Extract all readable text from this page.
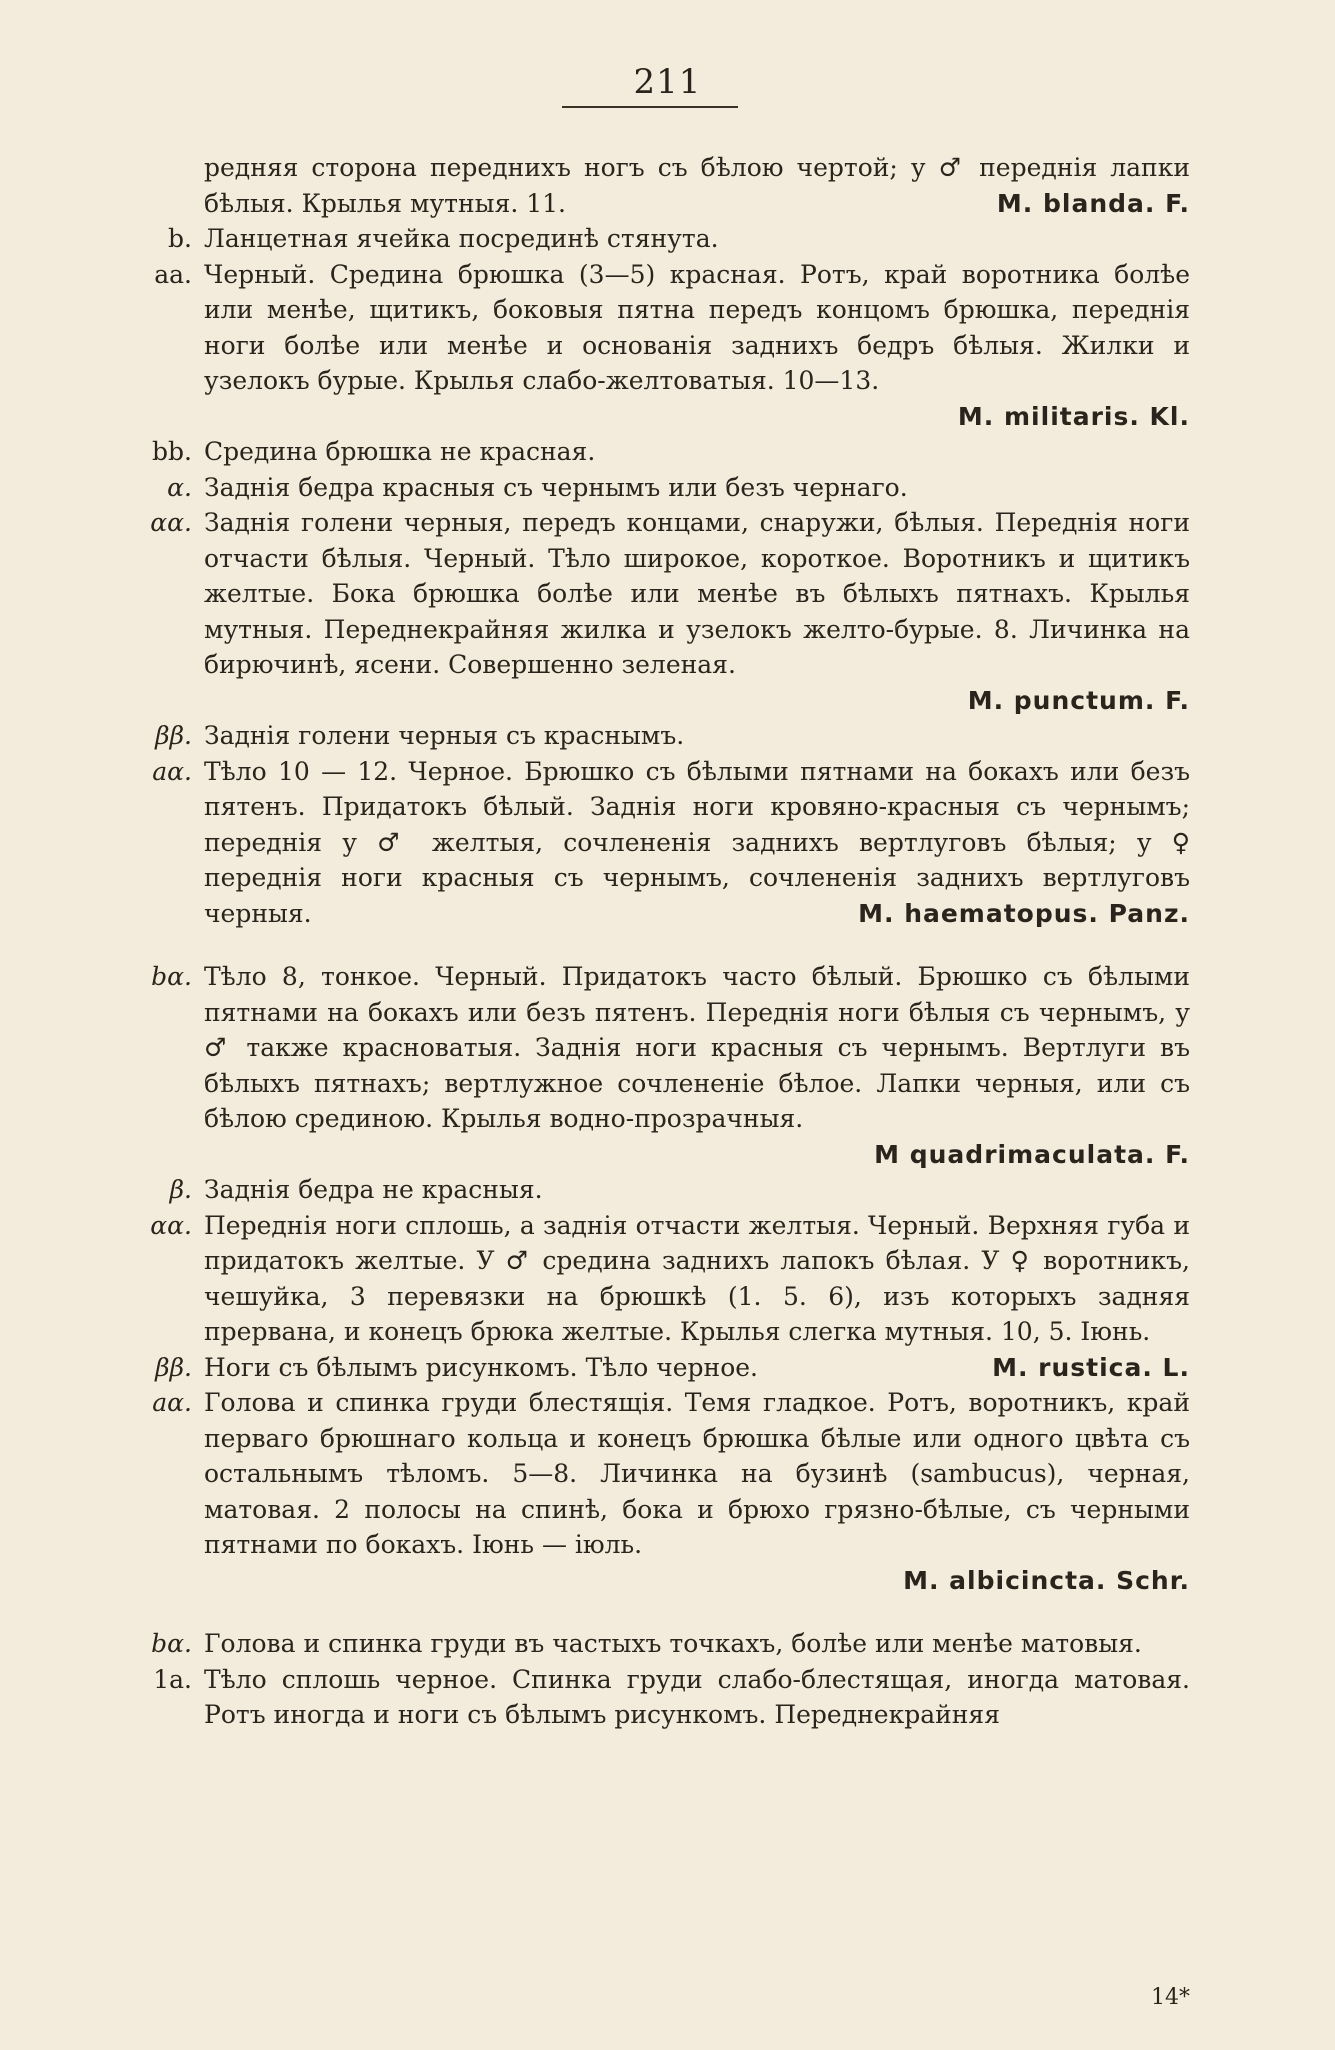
211
редняя сторона переднихъ ногъ съ бѣлою чертой; у ♂ переднія лапки бѣлыя. Крылья мутныя. 11.	M. blanda. F.
b. Ланцетная ячейка посрединѣ стянута.
aa. Черный. Средина брюшка (3—5) красная. Ротъ, край воротника болѣе или менѣе, щитикъ, боковыя пятна передъ концомъ брюшка, переднія ноги болѣе или менѣе и основанія заднихъ бедръ бѣлыя. Жилки и узелокъ бурые. Крылья слабо-желтоватыя. 10—13.
M. militaris. Kl.
bb. Средина брюшка не красная.
α. Заднія бедра красныя съ чернымъ или безъ чернаго.
αα. Заднія голени черныя, передъ концами, снаружи, бѣлыя. Переднія ноги отчасти бѣлыя. Черный. Тѣло широкое, короткое. Воротникъ и щитикъ желтые. Бока брюшка болѣе или менѣе въ бѣлыхъ пятнахъ. Крылья мутныя. Переднекрайняя жилка и узелокъ желто-бурые. 8. Личинка на бирючинѣ, ясени. Совершенно зеленая.
M. punctum. F.
ββ. Заднія голени черныя съ краснымъ.
aα. Тѣло 10 — 12. Черное. Брюшко съ бѣлыми пятнами на бокахъ или безъ пятенъ. Придатокъ бѣлый. Заднія ноги кровяно-красныя съ чернымъ; переднія у ♂ желтыя, сочлененія заднихъ вертлуговъ бѣлыя; у ♀ переднія ноги красныя съ чернымъ, сочлененія заднихъ вертлуговъ черныя.	M. haematopus. Panz.
bα. Тѣло 8, тонкое. Черный. Придатокъ часто бѣлый. Брюшко съ бѣлыми пятнами на бокахъ или безъ пятенъ. Переднія ноги бѣлыя съ чернымъ, у ♂ также красноватыя. Заднія ноги красныя съ чернымъ. Вертлуги въ бѣлыхъ пятнахъ; вертлужное сочлененіе бѣлое. Лапки черныя, или съ бѣлою срединою. Крылья водно-прозрачныя.
M quadrimaculata. F.
β. Заднія бедра не красныя.
αα. Переднія ноги сплошь, а заднія отчасти желтыя. Черный. Верхняя губа и придатокъ желтые. У ♂ средина заднихъ лапокъ бѣлая. У ♀ воротникъ, чешуйка, 3 перевязки на брюшкѣ (1. 5. 6), изъ которыхъ задняя прервана, и конецъ брюка желтые. Крылья слегка мутныя. 10, 5. Іюнь.
M. rustica. L.
ββ. Ноги съ бѣлымъ рисункомъ. Тѣло черное.
aα. Голова и спинка груди блестящія. Темя гладкое. Ротъ, воротникъ, край перваго брюшнаго кольца и конецъ брюшка бѣлые или одного цвѣта съ остальнымъ тѣломъ. 5—8. Личинка на бузинѣ (sambucus), черная, матовая. 2 полосы на спинѣ, бока и брюхо грязно-бѣлые, съ черными пятнами по бокахъ. Іюнь — іюль.
M. albicincta. Schr.
bα. Голова и спинка груди въ частыхъ точкахъ, болѣе или менѣе матовыя.
1a. Тѣло сплошь черное. Спинка груди слабо-блестящая, иногда матовая. Ротъ иногда и ноги съ бѣлымъ рисункомъ. Переднекрайняя
14*
